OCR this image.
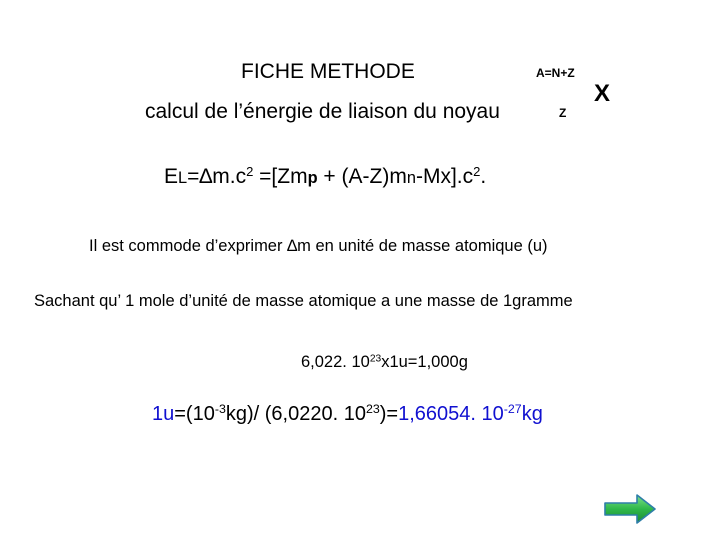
FICHE METHODE
calcul de l’énergie de liaison du noyau
A=N+Z
Z
X
$EL=\Delta m.c^2 =[Zmp + (A-Z)mn-Mx].c^2$.
Il est commode d’exprimer ∆m en unité de masse atomique (u)
Sachant qu’ 1 mole d’unité de masse atomique a une masse de 1gramme
6,022. $10^{23}x1u=1,000g$
$1u=(10^{-3}kg)/$ (6,0220. $10^{23})=1,66054$. $10^{-27}kg$
